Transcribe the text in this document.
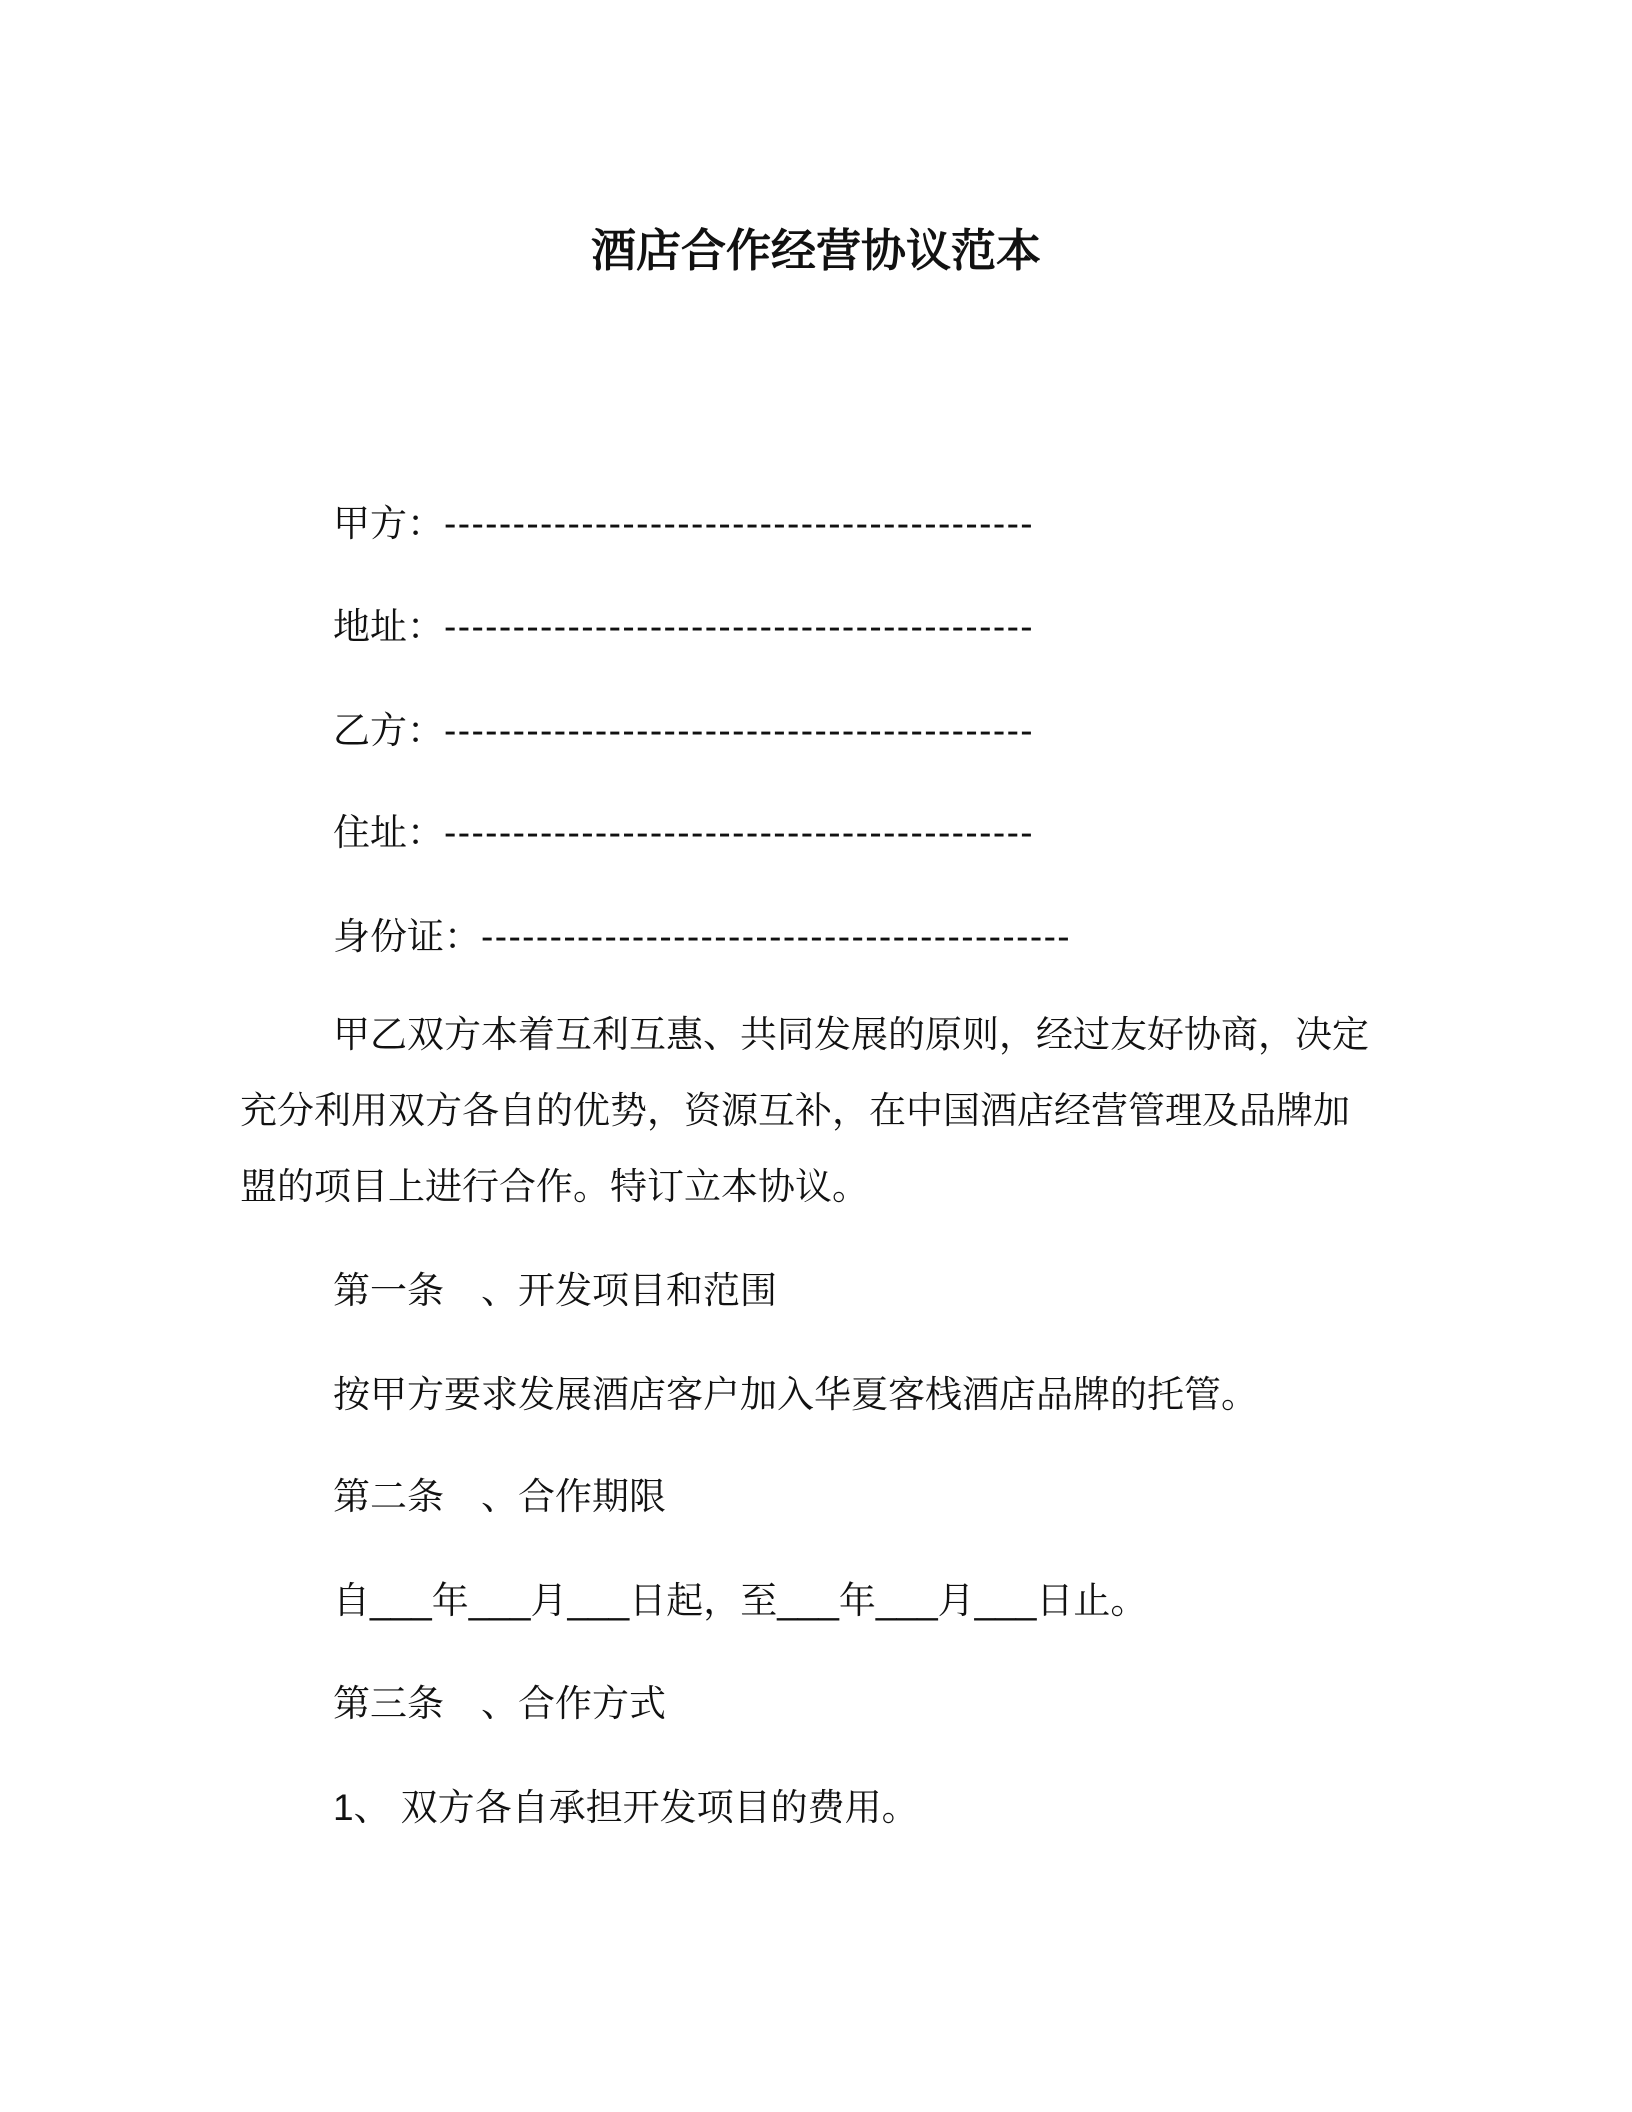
酒店合作经营协议范本
甲方：-------------------------------------------
地址：-------------------------------------------
乙方：-------------------------------------------
住址：-------------------------------------------
身份证：-------------------------------------------
甲乙双方本着互利互惠、共同发展的原则，经过友好协商，决定
充分利用双方各自的优势，资源互补，在中国酒店经营管理及品牌加
盟的项目上进行合作。特订立本协议。
第一条 、开发项目和范围
按甲方要求发展酒店客户加入华夏客栈酒店品牌的托管。
第二条 、合作期限
自___年___月___日起，至___年___月___日止。
第三条 、合作方式
1、 双方各自承担开发项目的费用。
